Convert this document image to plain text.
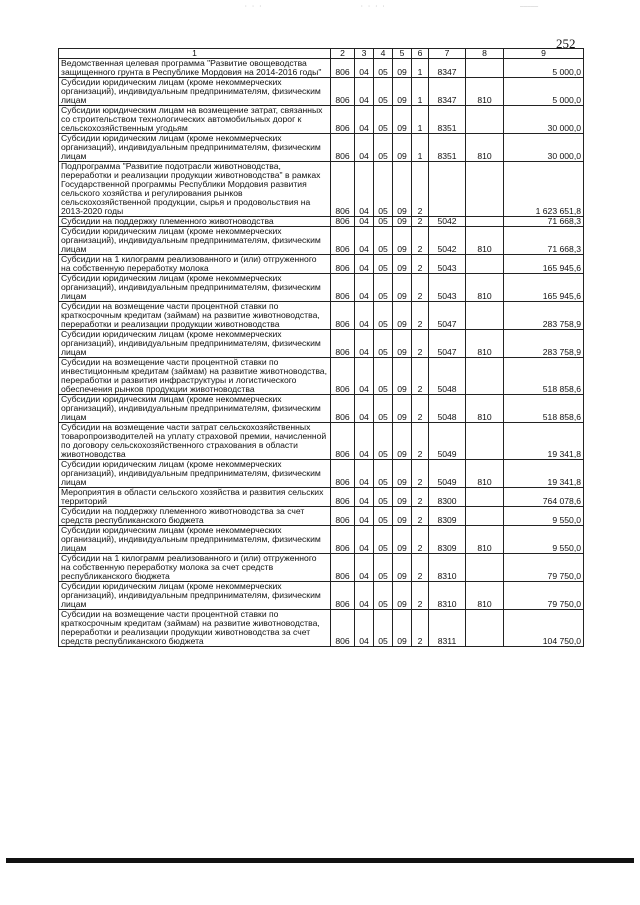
· · ·	· · · ·	—————
252
1	2	3	4	5	6	7	8	9
Ведомственная целевая программа "Развитие овощеводства защищенного грунта в Республике Мордовия на 2014-2016 годы"	806	04	05	09	1	8347		5 000,0
Субсидии юридическим лицам (кроме некоммерческих организаций), индивидуальным предпринимателям, физическим лицам	806	04	05	09	1	8347	810	5 000,0
Субсидии юридическим лицам на возмещение затрат, связанных со строительством технологических автомобильных дорог к сельскохозяйственным угодьям	806	04	05	09	1	8351		30 000,0
Субсидии юридическим лицам (кроме некоммерческих организаций), индивидуальным предпринимателям, физическим лицам	806	04	05	09	1	8351	810	30 000,0
Подпрограмма "Развитие подотрасли животноводства, переработки и реализации продукции животноводства" в рамках Государственной программы Республики Мордовия развития сельского хозяйства и регулирования рынков сельскохозяйственной продукции, сырья и продовольствия на 2013-2020 годы	806	04	05	09	2			1 623 651,8
Субсидии на поддержку племенного животноводства	806	04	05	09	2	5042		71 668,3
Субсидии юридическим лицам (кроме некоммерческих организаций), индивидуальным предпринимателям, физическим лицам	806	04	05	09	2	5042	810	71 668,3
Субсидии на 1 килограмм реализованного и (или) отгруженного на собственную переработку молока	806	04	05	09	2	5043		165 945,6
Субсидии юридическим лицам (кроме некоммерческих организаций), индивидуальным предпринимателям, физическим лицам	806	04	05	09	2	5043	810	165 945,6
Субсидии на возмещение части процентной ставки по краткосрочным кредитам (займам) на развитие животноводства, переработки и реализации продукции животноводства	806	04	05	09	2	5047		283 758,9
Субсидии юридическим лицам (кроме некоммерческих организаций), индивидуальным предпринимателям, физическим лицам	806	04	05	09	2	5047	810	283 758,9
Субсидии на возмещение части процентной ставки по инвестиционным кредитам (займам) на развитие животноводства, переработки и развития инфраструктуры и логистического обеспечения рынков продукции животноводства	806	04	05	09	2	5048		518 858,6
Субсидии юридическим лицам (кроме некоммерческих организаций), индивидуальным предпринимателям, физическим лицам	806	04	05	09	2	5048	810	518 858,6
Субсидии на возмещение части затрат сельскохозяйственных товаропроизводителей на уплату страховой премии, начисленной по договору сельскохозяйственного страхования в области животноводства	806	04	05	09	2	5049		19 341,8
Субсидии юридическим лицам (кроме некоммерческих организаций), индивидуальным предпринимателям, физическим лицам	806	04	05	09	2	5049	810	19 341,8
Мероприятия в области сельского хозяйства и развития сельских территорий	806	04	05	09	2	8300		764 078,6
Субсидии на поддержку племенного животноводства за счет средств республиканского бюджета	806	04	05	09	2	8309		9 550,0
Субсидии юридическим лицам (кроме некоммерческих организаций), индивидуальным предпринимателям, физическим лицам	806	04	05	09	2	8309	810	9 550,0
Субсидии на 1 килограмм реализованного и (или) отгруженного на собственную переработку молока за счет средств республиканского бюджета	806	04	05	09	2	8310		79 750,0
Субсидии юридическим лицам (кроме некоммерческих организаций), индивидуальным предпринимателям, физическим лицам	806	04	05	09	2	8310	810	79 750,0
Субсидии на возмещение части процентной ставки по краткосрочным кредитам (займам) на развитие животноводства, переработки и реализации продукции животноводства за счет средств республиканского бюджета	806	04	05	09	2	8311		104 750,0
